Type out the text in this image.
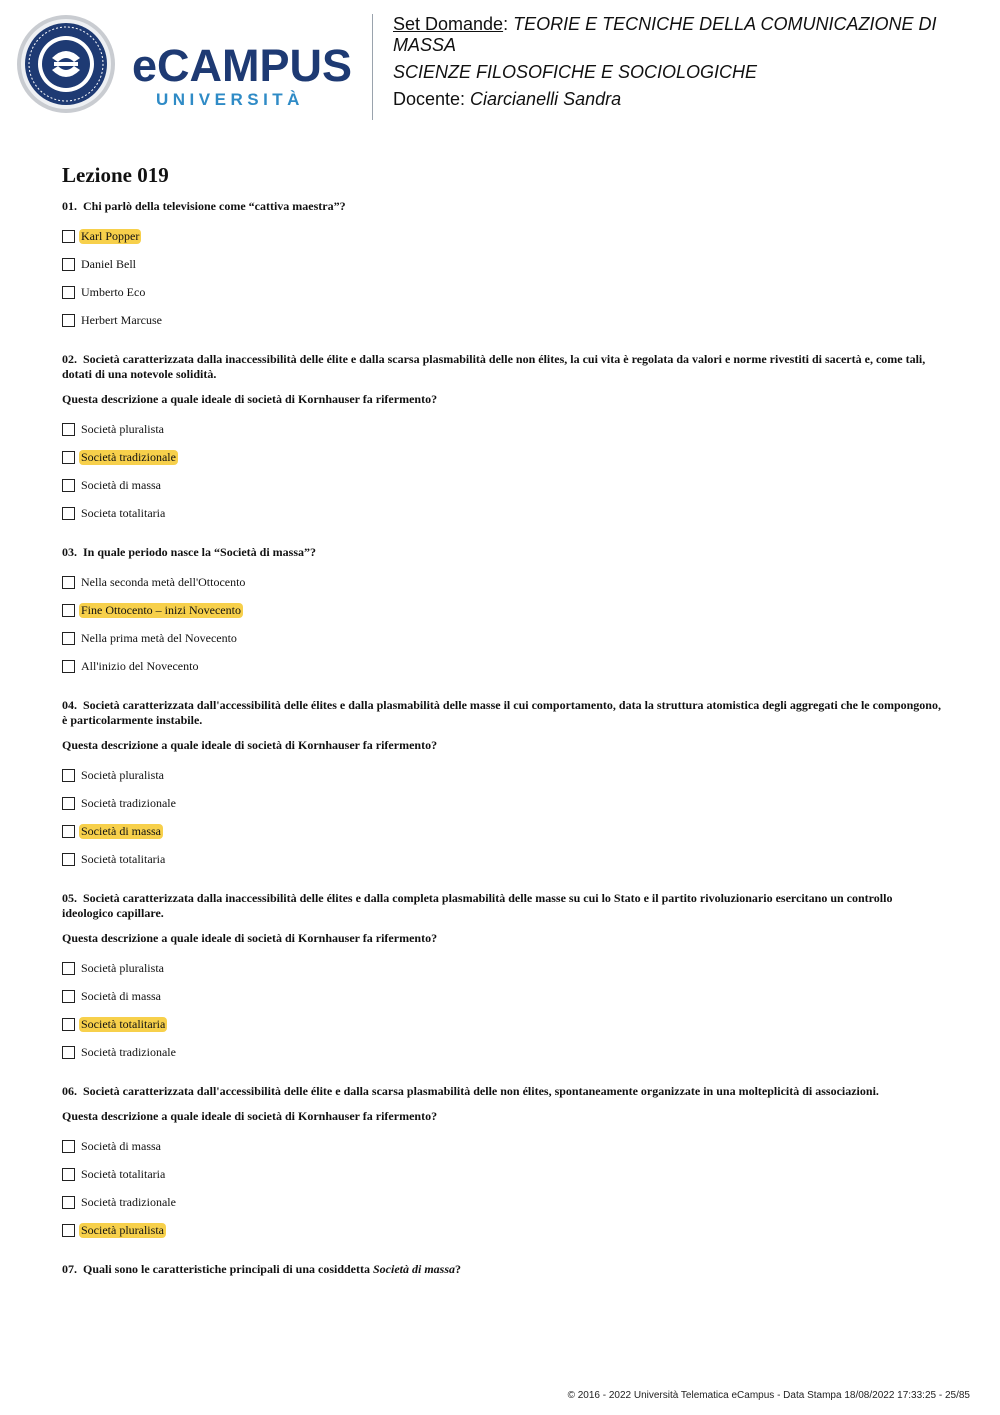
eCAMPUS
UNIVERSITÀ
Set Domande: TEORIE E TECNICHE DELLA COMUNICAZIONE DI MASSA
SCIENZE FILOSOFICHE E SOCIOLOGICHE
Docente: Ciarcianelli Sandra
Lezione 019
01. Chi parlò della televisione come “cattiva maestra”?
Karl Popper
Daniel Bell
Umberto Eco
Herbert Marcuse
02. Società caratterizzata dalla inaccessibilità delle élite e dalla scarsa plasmabilità delle non élites, la cui vita è regolata da valori e norme rivestiti di sacertà e, come tali, dotati di una notevole solidità.
Questa descrizione a quale ideale di società di Kornhauser fa rifermento?
Società pluralista
Società tradizionale
Società di massa
Societa totalitaria
03. In quale periodo nasce la “Società di massa”?
Nella seconda metà dell'Ottocento
Fine Ottocento – inizi Novecento
Nella prima metà del Novecento
All'inizio del Novecento
04. Società caratterizzata dall'accessibilità delle élites e dalla plasmabilità delle masse il cui comportamento, data la struttura atomistica degli aggregati che le compongono, è particolarmente instabile.
Questa descrizione a quale ideale di società di Kornhauser fa rifermento?
Società pluralista
Società tradizionale
Società di massa
Società totalitaria
05. Società caratterizzata dalla inaccessibilità delle élites e dalla completa plasmabilità delle masse su cui lo Stato e il partito rivoluzionario esercitano un controllo ideologico capillare.
Questa descrizione a quale ideale di società di Kornhauser fa rifermento?
Società pluralista
Società di massa
Società totalitaria
Società tradizionale
06. Società caratterizzata dall'accessibilità delle élite e dalla scarsa plasmabilità delle non élites, spontaneamente organizzate in una molteplicità di associazioni.
Questa descrizione a quale ideale di società di Kornhauser fa rifermento?
Società di massa
Società totalitaria
Società tradizionale
Società pluralista
07. Quali sono le caratteristiche principali di una cosiddetta Società di massa?
© 2016 - 2022 Università Telematica eCampus - Data Stampa 18/08/2022 17:33:25 - 25/85
